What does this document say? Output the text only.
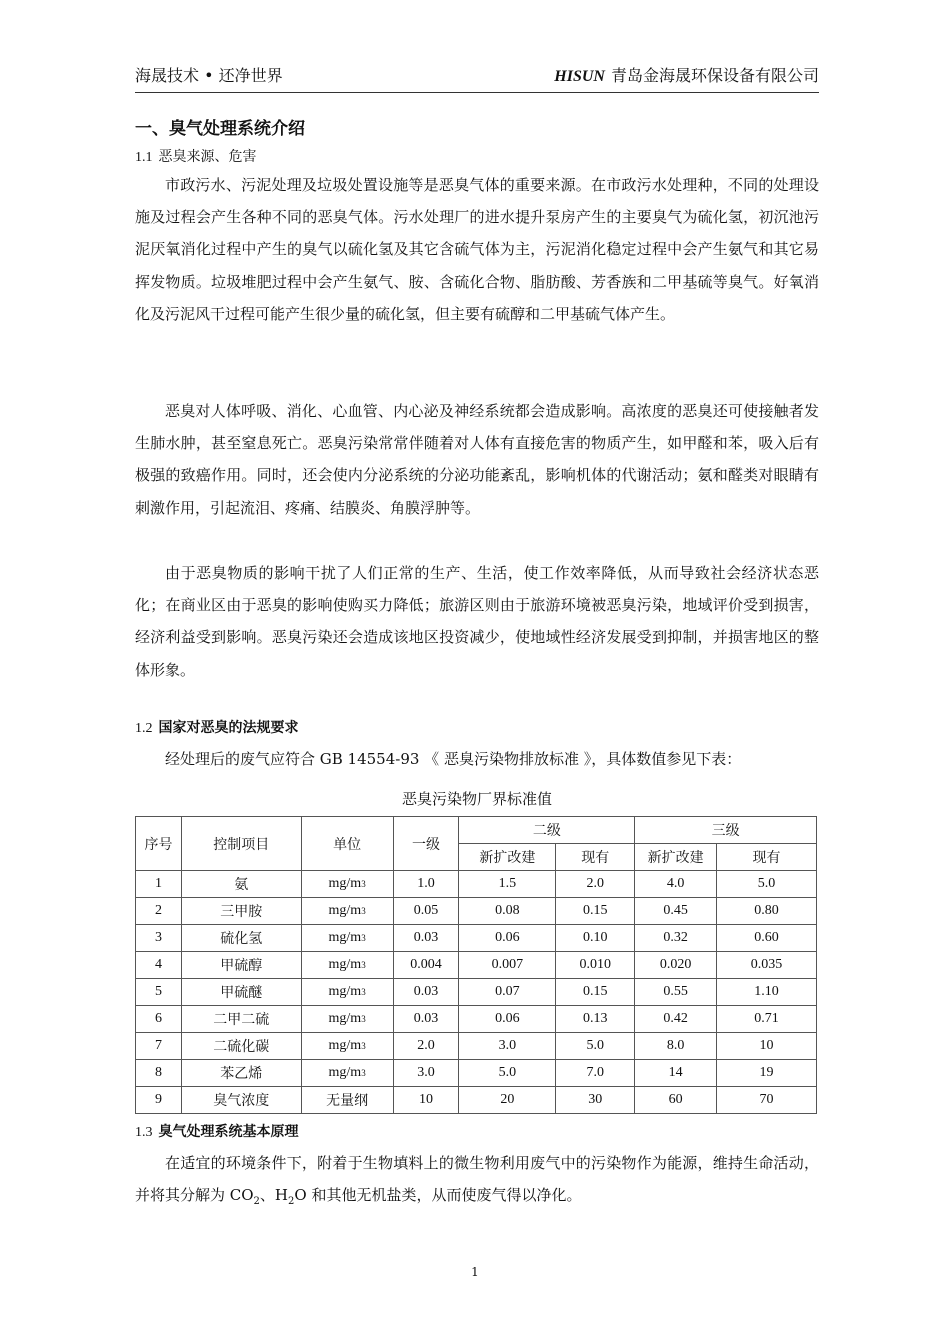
海晟技术 • 还净世界	HISUN 青岛金海晟环保设备有限公司
一、臭气处理系统介绍
1.1 恶臭来源、危害

市政污水、污泥处理及垃圾处置设施等是恶臭气体的重要来源。在市政污水处理种，不同的处理设施及过程会产生各种不同的恶臭气体。污水处理厂的进水提升泵房产生的主要臭气为硫化氢，初沉池污泥厌氧消化过程中产生的臭气以硫化氢及其它含硫气体为主，污泥消化稳定过程中会产生氨气和其它易挥发物质。垃圾堆肥过程中会产生氨气、胺、含硫化合物、脂肪酸、芳香族和二甲基硫等臭气。好氧消化及污泥风干过程可能产生很少量的硫化氢，但主要有硫醇和二甲基硫气体产生。

恶臭对人体呼吸、消化、心血管、内心泌及神经系统都会造成影响。高浓度的恶臭还可使接触者发生肺水肿，甚至窒息死亡。恶臭污染常常伴随着对人体有直接危害的物质产生，如甲醛和苯，吸入后有极强的致癌作用。同时，还会使内分泌系统的分泌功能紊乱，影响机体的代谢活动；氨和醛类对眼睛有刺激作用，引起流泪、疼痛、结膜炎、角膜浮肿等。

由于恶臭物质的影响干扰了人们正常的生产、生活，使工作效率降低，从而导致社会经济状态恶化；在商业区由于恶臭的影响使购买力降低；旅游区则由于旅游环境被恶臭污染，地域评价受到损害，经济利益受到影响。恶臭污染还会造成该地区投资减少，使地域性经济发展受到抑制，并损害地区的整体形象。

1.2 国家对恶臭的法规要求

经处理后的废气应符合 GB 14554-93 《 恶臭污染物排放标准 》，具体数值参见下表：

恶臭污染物厂界标准值
序号	控制项目	单位	一级	二级		三级	
				新扩改建	现有	新扩改建	现有
1	氨	mg/m3	1.0	1.5	2.0	4.0	5.0
2	三甲胺	mg/m3	0.05	0.08	0.15	0.45	0.80
3	硫化氢	mg/m3	0.03	0.06	0.10	0.32	0.60
4	甲硫醇	mg/m3	0.004	0.007	0.010	0.020	0.035
5	甲硫醚	mg/m3	0.03	0.07	0.15	0.55	1.10
6	二甲二硫	mg/m3	0.03	0.06	0.13	0.42	0.71
7	二硫化碳	mg/m3	2.0	3.0	5.0	8.0	10
8	苯乙烯	mg/m3	3.0	5.0	7.0	14	19
9	臭气浓度	无量纲	10	20	30	60	70
1.3 臭气处理系统基本原理

在适宜的环境条件下，附着于生物填料上的微生物利用废气中的污染物作为能源，维持生命活动，并将其分解为 $CO_2$、$H_2O$ 和其他无机盐类，从而使废气得以净化。

1
